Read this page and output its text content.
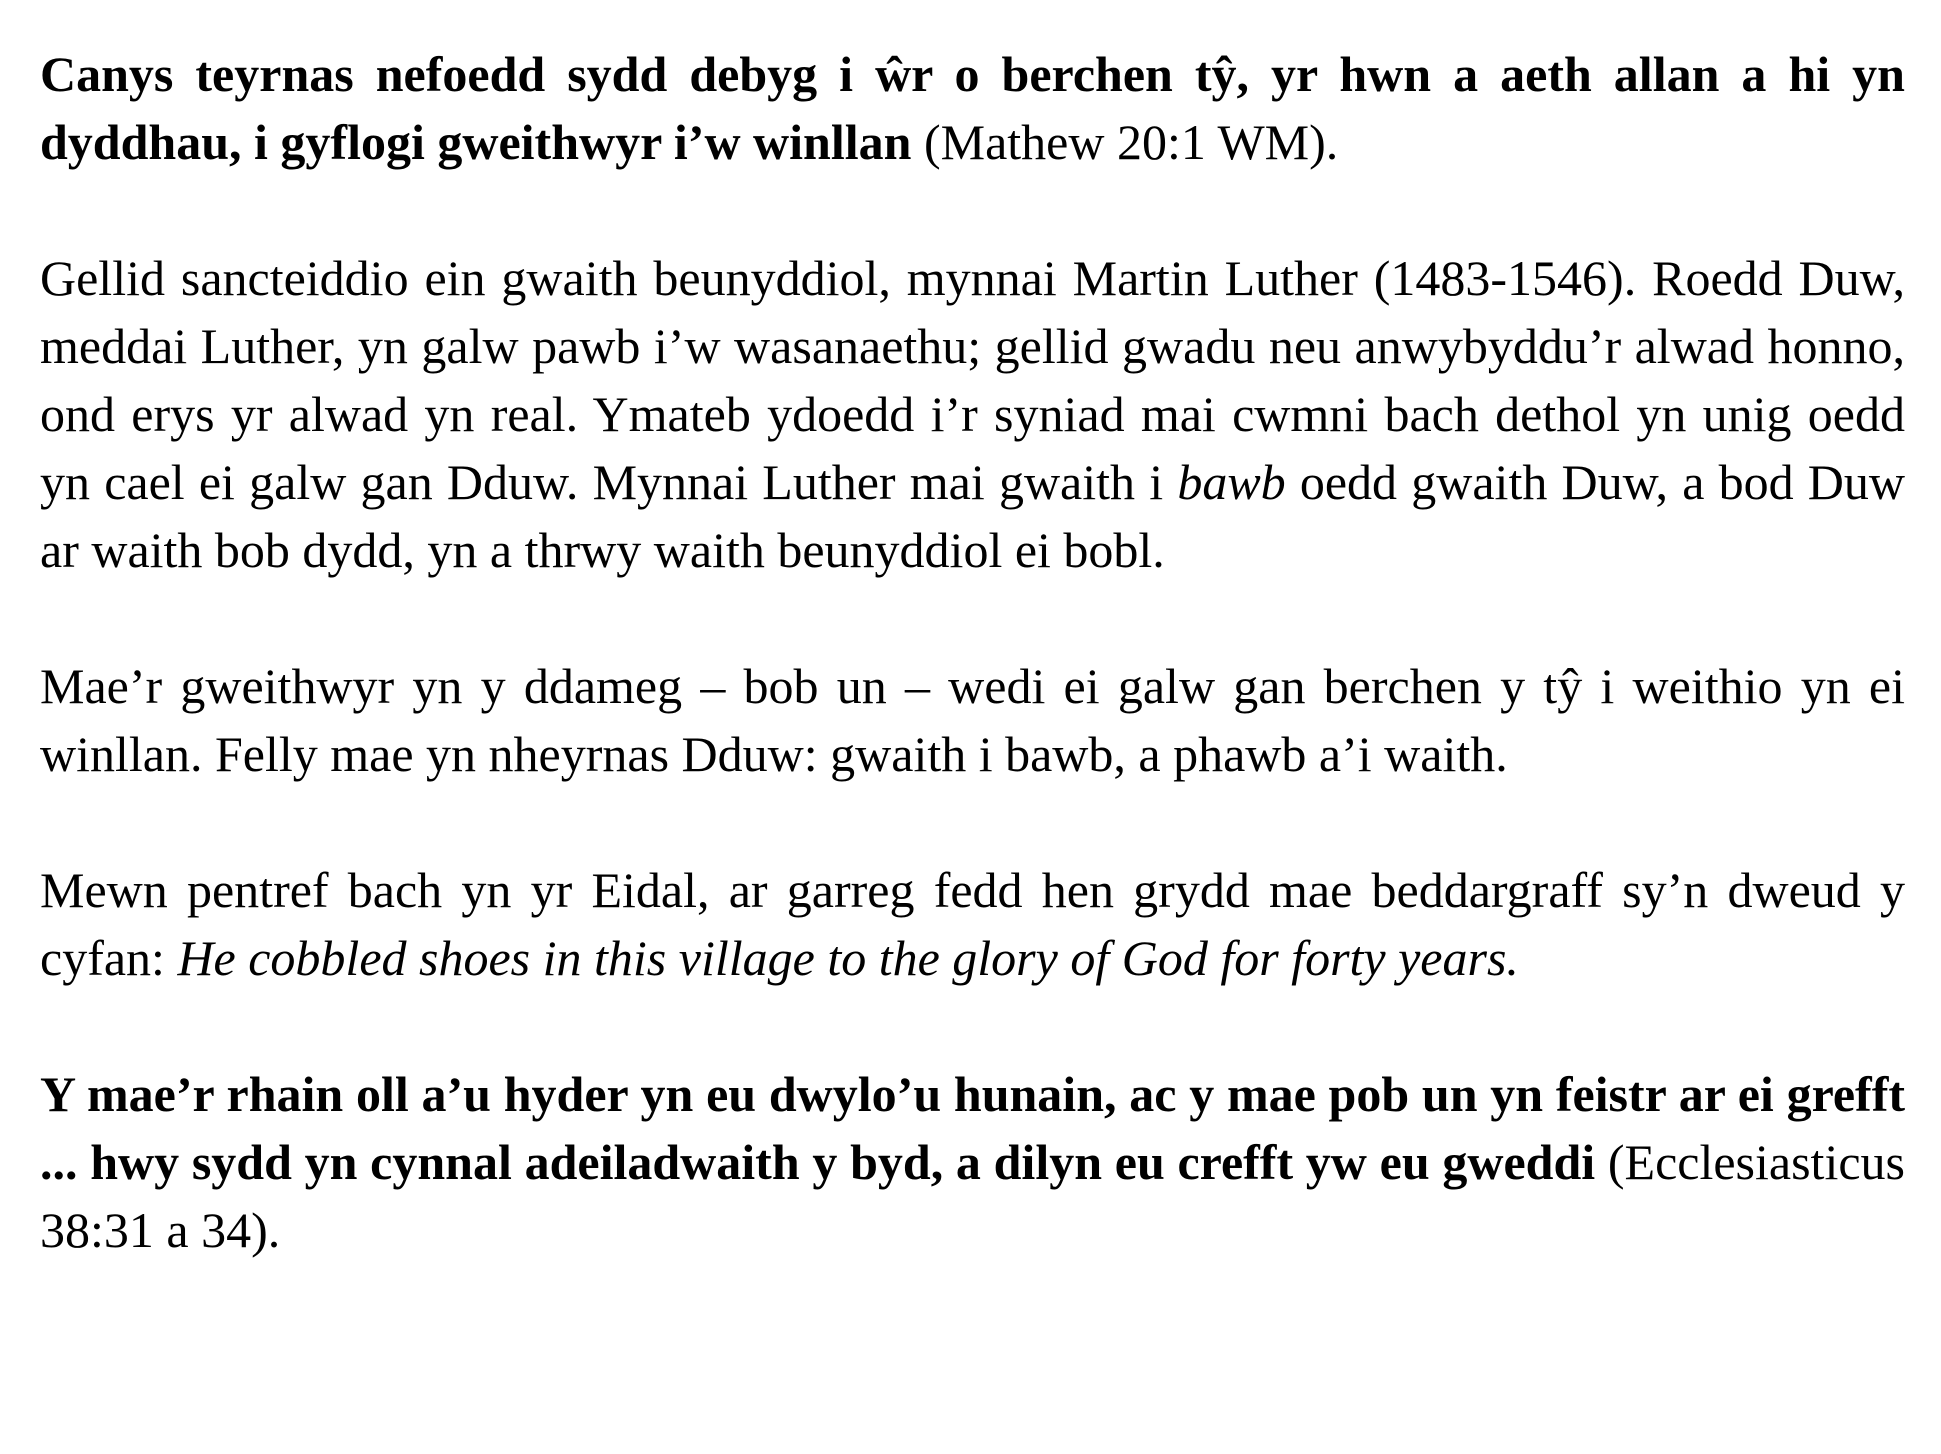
Canys teyrnas nefoedd sydd debyg i ŵr o berchen tŷ, yr hwn a aeth allan a hi yn dyddhau, i gyflogi gweithwyr i’w winllan (Mathew 20:1 WM).

Gellid sancteiddio ein gwaith beunyddiol, mynnai Martin Luther (1483-1546). Roedd Duw, meddai Luther, yn galw pawb i’w wasanaethu; gellid gwadu neu anwybyddu’r alwad honno, ond erys yr alwad yn real. Ymateb ydoedd i’r syniad mai cwmni bach dethol yn unig oedd yn cael ei galw gan Dduw. Mynnai Luther mai gwaith i bawb oedd gwaith Duw, a bod Duw ar waith bob dydd, yn a thrwy waith beunyddiol ei bobl.

Mae’r gweithwyr yn y ddameg – bob un – wedi ei galw gan berchen y tŷ i weithio yn ei winllan. Felly mae yn nheyrnas Dduw: gwaith i bawb, a phawb a’i waith.

Mewn pentref bach yn yr Eidal, ar garreg fedd hen grydd mae beddargraff sy’n dweud y cyfan: He cobbled shoes in this village to the glory of God for forty years.

Y mae’r rhain oll a’u hyder yn eu dwylo’u hunain, ac y mae pob un yn feistr ar ei grefft ... hwy sydd yn cynnal adeiladwaith y byd, a dilyn eu crefft yw eu gweddi (Ecclesiasticus 38:31 a 34).
